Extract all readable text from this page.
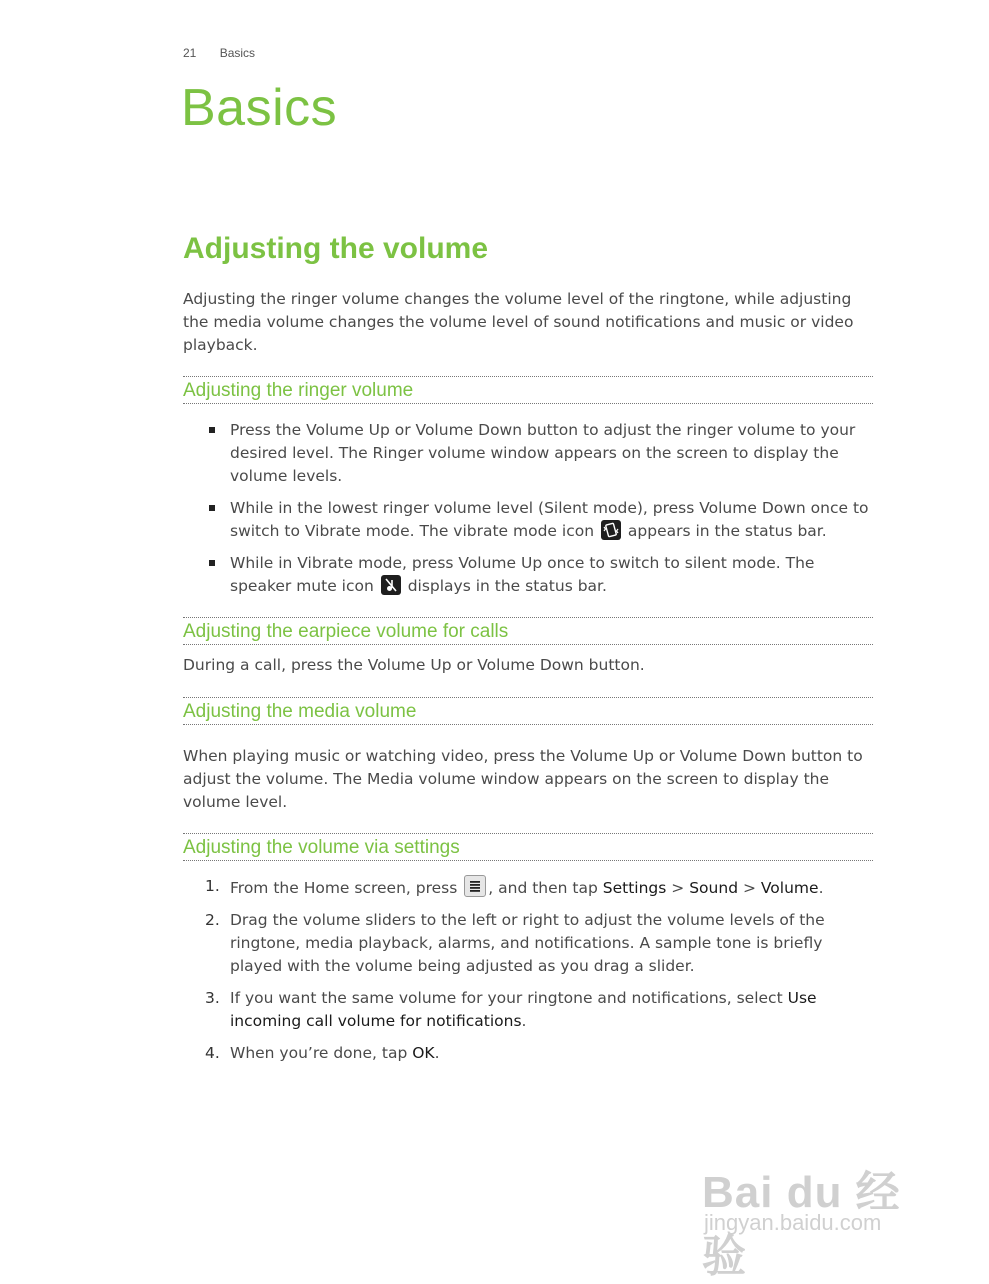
21 Basics
Basics
Adjusting the volume

Adjusting the ringer volume changes the volume level of the ringtone, while adjusting the media volume changes the volume level of sound notifications and music or video playback.

Adjusting the ringer volume
Press the Volume Up or Volume Down button to adjust the ringer volume to your desired level. The Ringer volume window appears on the screen to display the volume levels.
While in the lowest ringer volume level (Silent mode), press Volume Down once to switch to Vibrate mode. The vibrate mode icon appears in the status bar.
While in Vibrate mode, press Volume Up once to switch to silent mode. The speaker mute icon displays in the status bar.
Adjusting the earpiece volume for calls

During a call, press the Volume Up or Volume Down button.

Adjusting the media volume

When playing music or watching video, press the Volume Up or Volume Down button to adjust the volume. The Media volume window appears on the screen to display the volume level.

Adjusting the volume via settings
1. From the Home screen, press , and then tap Settings > Sound > Volume.
2. Drag the volume sliders to the left or right to adjust the volume levels of the ringtone, media playback, alarms, and notifications. A sample tone is briefly played with the volume being adjusted as you drag a slider.
3. If you want the same volume for your ringtone and notifications, select Use incoming call volume for notifications.
4. When you’re done, tap OK.
Bai du 经验
jingyan.baidu.com
